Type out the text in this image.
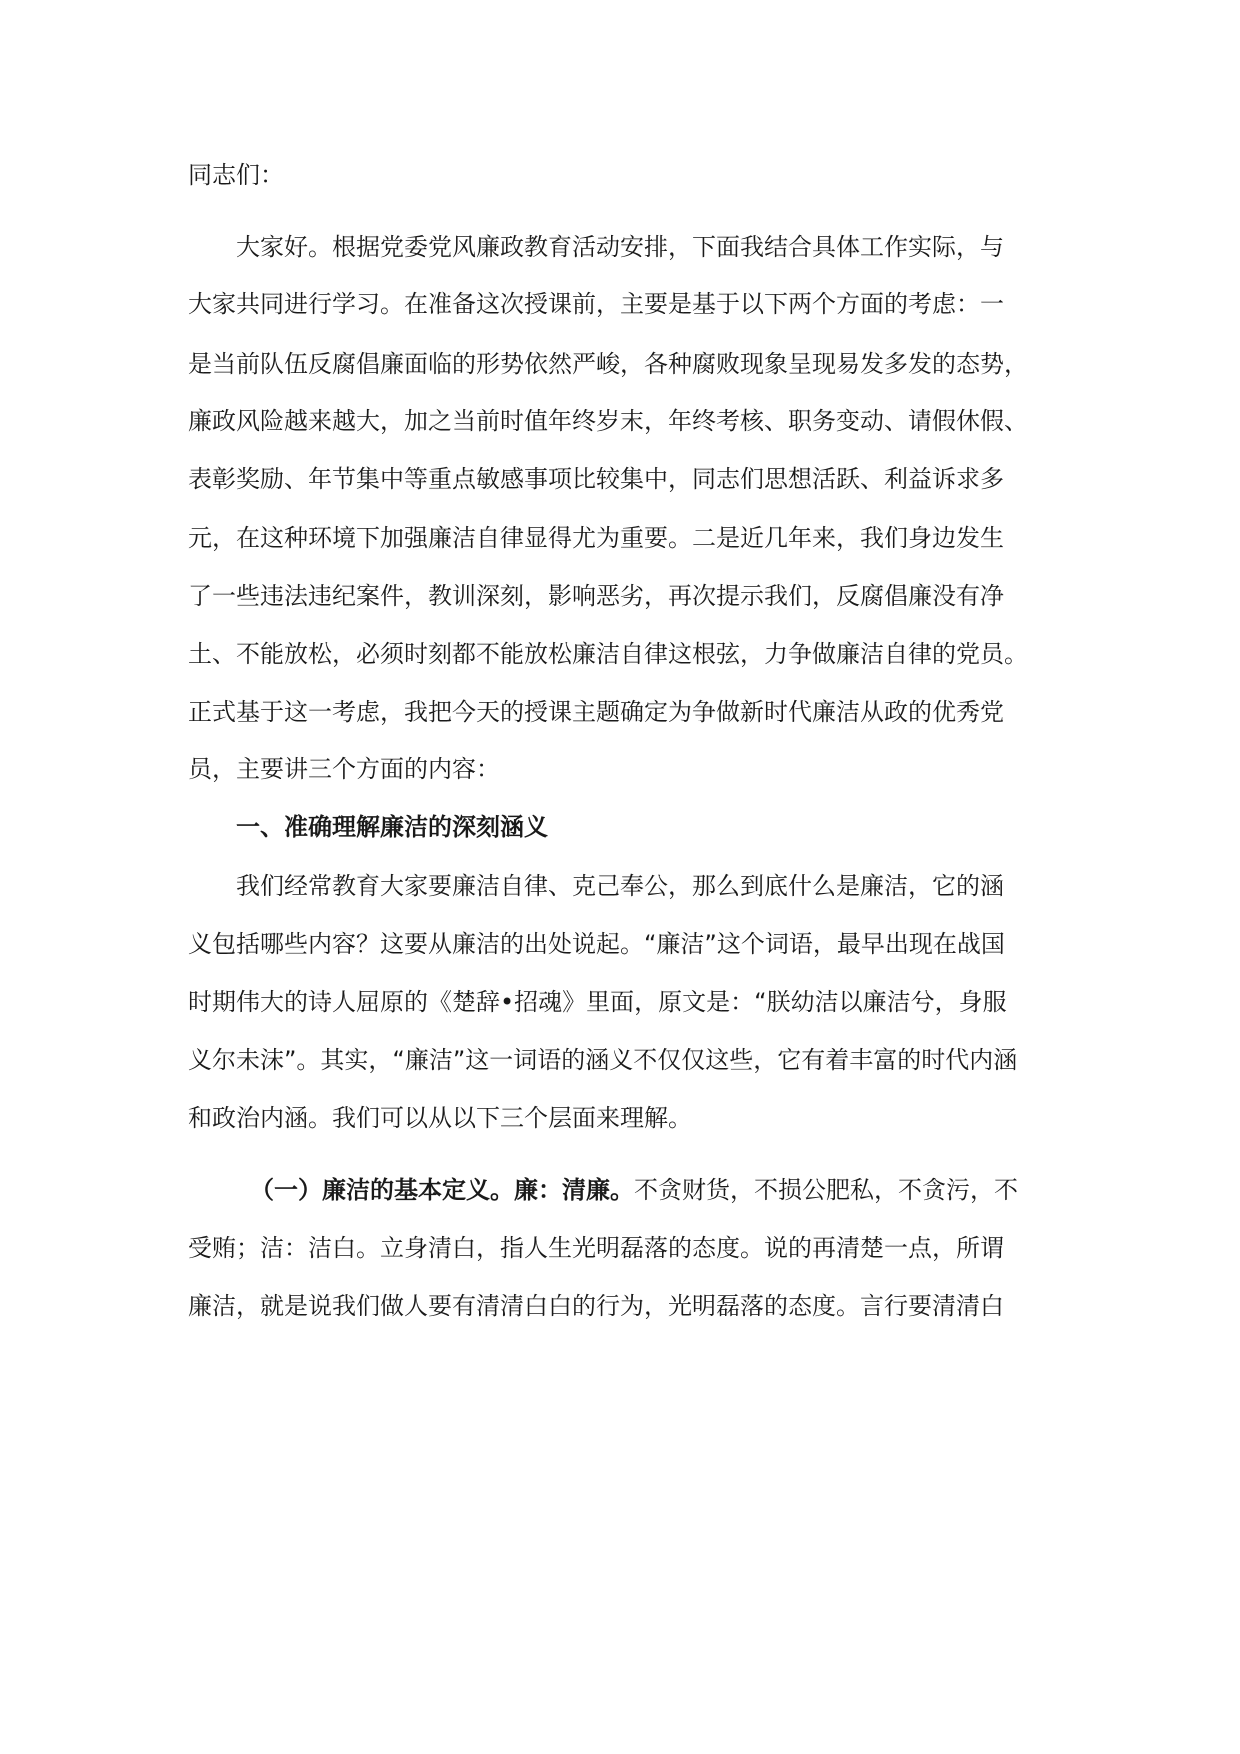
同志们：
大家好。根据党委党风廉政教育活动安排，下面我结合具体工作实际，与
大家共同进行学习。在准备这次授课前，主要是基于以下两个方面的考虑：一
是当前队伍反腐倡廉面临的形势依然严峻，各种腐败现象呈现易发多发的态势，
廉政风险越来越大，加之当前时值年终岁末，年终考核、职务变动、请假休假、
表彰奖励、年节集中等重点敏感事项比较集中，同志们思想活跃、利益诉求多
元，在这种环境下加强廉洁自律显得尤为重要。二是近几年来，我们身边发生
了一些违法违纪案件，教训深刻，影响恶劣，再次提示我们，反腐倡廉没有净
土、不能放松，必须时刻都不能放松廉洁自律这根弦，力争做廉洁自律的党员。
正式基于这一考虑，我把今天的授课主题确定为争做新时代廉洁从政的优秀党
员，主要讲三个方面的内容：
一、准确理解廉洁的深刻涵义
我们经常教育大家要廉洁自律、克己奉公，那么到底什么是廉洁，它的涵
义包括哪些内容？这要从廉洁的出处说起。“廉洁”这个词语，最早出现在战国
时期伟大的诗人屈原的《楚辞•招魂》里面，原文是：“朕幼洁以廉洁兮，身服
义尔未沫”。其实，“廉洁”这一词语的涵义不仅仅这些，它有着丰富的时代内涵
和政治内涵。我们可以从以下三个层面来理解。
（一）廉洁的基本定义。廉：清廉。不贪财货，不损公肥私，不贪污，不
受贿；洁：洁白。立身清白，指人生光明磊落的态度。说的再清楚一点，所谓
廉洁，就是说我们做人要有清清白白的行为，光明磊落的态度。言行要清清白
